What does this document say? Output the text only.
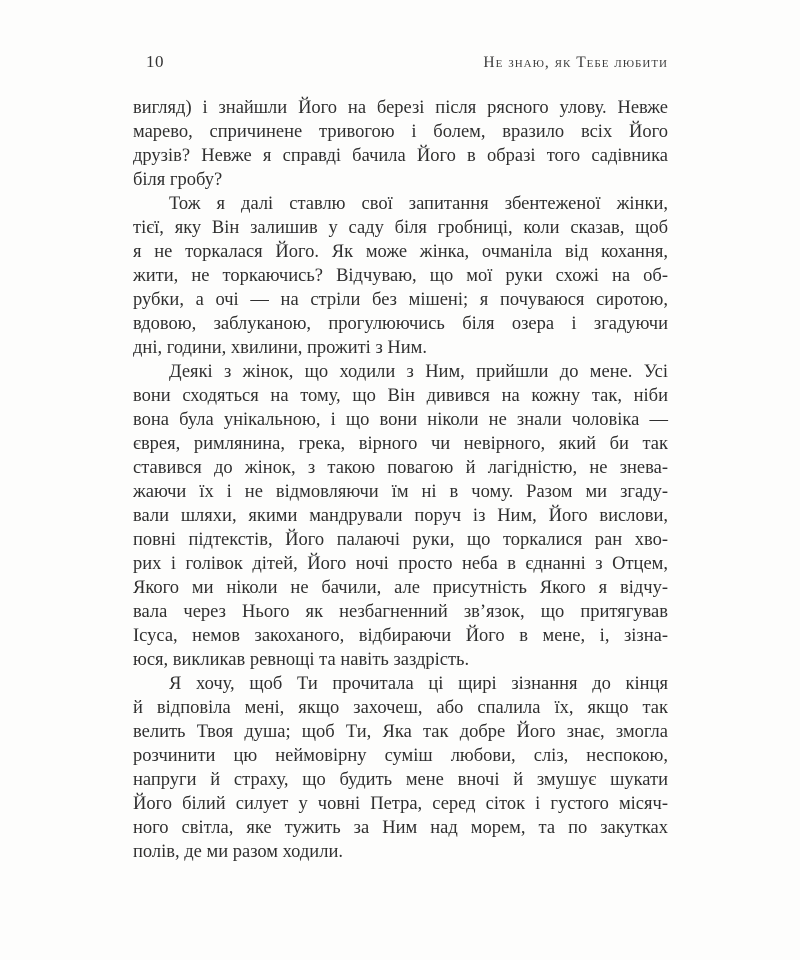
10	Не знаю, як Тебе любити
вигляд) і знайшли Його на березі після рясного улову. Невже
марево, спричинене тривогою і болем, вразило всіх Його
друзів? Невже я справді бачила Його в образі того садівника
біля гробу?
Тож я далі ставлю свої запитання збентеженої жінки,
тієї, яку Він залишив у саду біля гробниці, коли сказав, щоб
я не торкалася Його. Як може жінка, очманіла від кохання,
жити, не торкаючись? Відчуваю, що мої руки схожі на об-
рубки, а очі — на стріли без мішені; я почуваюся сиротою,
вдовою, заблуканою, прогулюючись біля озера і згадуючи
дні, години, хвилини, прожиті з Ним.
Деякі з жінок, що ходили з Ним, прийшли до мене. Усі
вони сходяться на тому, що Він дивився на кожну так, ніби
вона була унікальною, і що вони ніколи не знали чоловіка —
єврея, римлянина, грека, вірного чи невірного, який би так
ставився до жінок, з такою повагою й лагідністю, не знева-
жаючи їх і не відмовляючи їм ні в чому. Разом ми згаду-
вали шляхи, якими мандрували поруч із Ним, Його вислови,
повні підтекстів, Його палаючі руки, що торкалися ран хво-
рих і голівок дітей, Його ночі просто неба в єднанні з Отцем,
Якого ми ніколи не бачили, але присутність Якого я відчу-
вала через Нього як незбагненний зв’язок, що притягував
Ісуса, немов закоханого, відбираючи Його в мене, і, зізна-
юся, викликав ревнощі та навіть заздрість.
Я хочу, щоб Ти прочитала ці щирі зізнання до кінця
й відповіла мені, якщо захочеш, або спалила їх, якщо так
велить Твоя душа; щоб Ти, Яка так добре Його знає, змогла
розчинити цю неймовірну суміш любови, сліз, неспокою,
напруги й страху, що будить мене вночі й змушує шукати
Його білий силует у човні Петра, серед сіток і густого місяч-
ного світла, яке тужить за Ним над морем, та по закутках
полів, де ми разом ходили.
